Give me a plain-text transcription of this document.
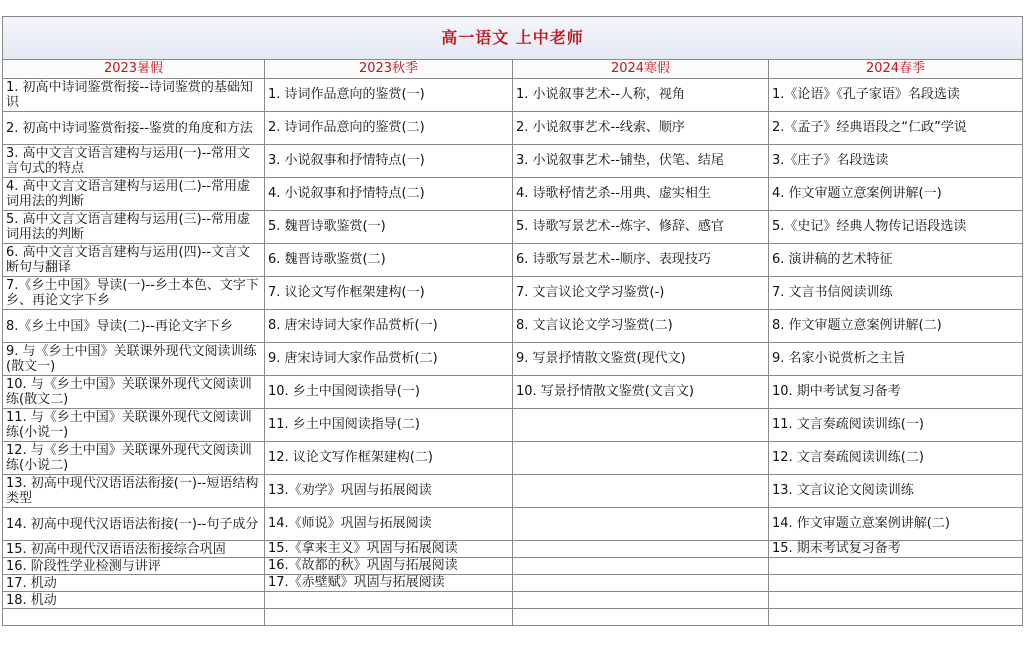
高一语文 上中老师			
2023暑假	2023秋季	2024寒假	2024春季
1. 初高中诗词鉴赏衔接--诗词鉴赏的基础知识	1. 诗词作品意向的鉴赏(一)	1. 小说叙事艺术--人称，视角	1.《论语》《孔子家语》名段选读
2. 初高中诗词鉴赏衔接--鉴赏的角度和方法	2. 诗词作品意向的鉴赏(二)	2. 小说叙事艺术--线索、顺序	2.《孟子》经典语段之“仁政”学说
3. 高中文言文语言建构与运用(一)--常用文言句式的特点	3. 小说叙事和抒情特点(一)	3. 小说叙事艺术--铺垫，伏笔、结尾	3.《庄子》名段选读
4. 高中文言文语言建构与运用(二)--常用虚词用法的判断	4. 小说叙事和抒情特点(二)	4. 诗歌杼情艺杀--用典、虚实相生	4. 作文审题立意案例讲解(一)
5. 高中文言文语言建构与运用(三)--常用虚词用法的判断	5. 魏晋诗歌鉴赏(一)	5. 诗歌写景艺术--炼字、修辞、感官	5.《史记》经典人物传记语段选读
6. 高中文言文语言建构与运用(四)--文言文断句与翻译	6. 魏晋诗歌鉴赏(二)	6. 诗歌写景艺术--顺序、表现技巧	6. 演讲稿的艺术特征
7.《乡土中国》导读(一)--乡土本色、文字下乡、再论文字下乡	7. 议论文写作框架建构(一)	7. 文言议论文学习鉴赏(-)	7. 文言书信阅读训练
8.《乡土中国》导读(二)--再论文字下乡	8. 唐宋诗词大家作品赏析(一)	8. 文言议论文学习鉴赏(二)	8. 作文审题立意案例讲解(二)
9. 与《乡土中国》关联课外现代文阅读训练(散文一)	9. 唐宋诗词大家作品赏析(二)	9. 写景抒情散文鉴赏(现代文)	9. 名家小说赏析之主旨
10. 与《乡土中国》关联课外现代文阅读训练(散文二)	10. 乡土中国阅读指导(一)	10. 写景抒情散文鉴赏(文言文)	10. 期中考试复习备考
11. 与《乡土中国》关联课外现代文阅读训练(小说一)	11. 乡土中国阅读指导(二)		11. 文言奏疏阅读训练(一)
12. 与《乡土中国》关联课外现代文阅读训练(小说二)	12. 议论文写作框架建构(二)		12. 文言奏疏阅读训练(二)
13. 初高中现代汉语语法衔接(一)--短语结构类型	13.《劝学》巩固与拓展阅读		13. 文言议论文阅读训练
14. 初高中现代汉语语法衔接(一)--句子成分	14.《师说》巩固与拓展阅读		14. 作文审题立意案例讲解(二)
15. 初高中现代汉语语法衔接综合巩固	15.《拿来主义》巩固与拓展阅读		15. 期末考试复习备考
16. 阶段性学业检测与讲评	16.《故都的秋》巩固与拓展阅读		
17. 机动	17.《赤壁赋》巩固与拓展阅读		
18. 机动			
